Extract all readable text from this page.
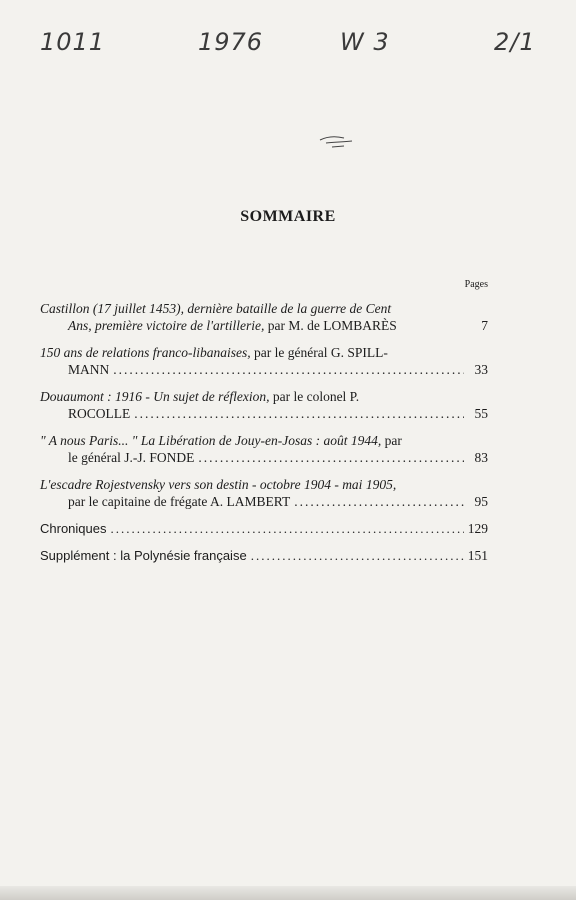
1011	1976	W 3	2/1
SOMMAIRE
Pages
Castillon (17 juillet 1453), dernière bataille de la guerre de Cent
Ans, première victoire de l'artillerie, par M. de LOMBARÈS	7
150 ans de relations franco-libanaises, par le général G. SPILL-
MANN .....	33
Douaumont : 1916 - Un sujet de réflexion, par le colonel P.
ROCOLLE .....	55
" A nous Paris... " La Libération de Jouy-en-Josas : août 1944, par
le général J.-J. FONDE .....	83
L'escadre Rojestvensky vers son destin - octobre 1904 - mai 1905,
par le capitaine de frégate A. LAMBERT .....	95
Chroniques .....	129
Supplément : la Polynésie française .....	151
